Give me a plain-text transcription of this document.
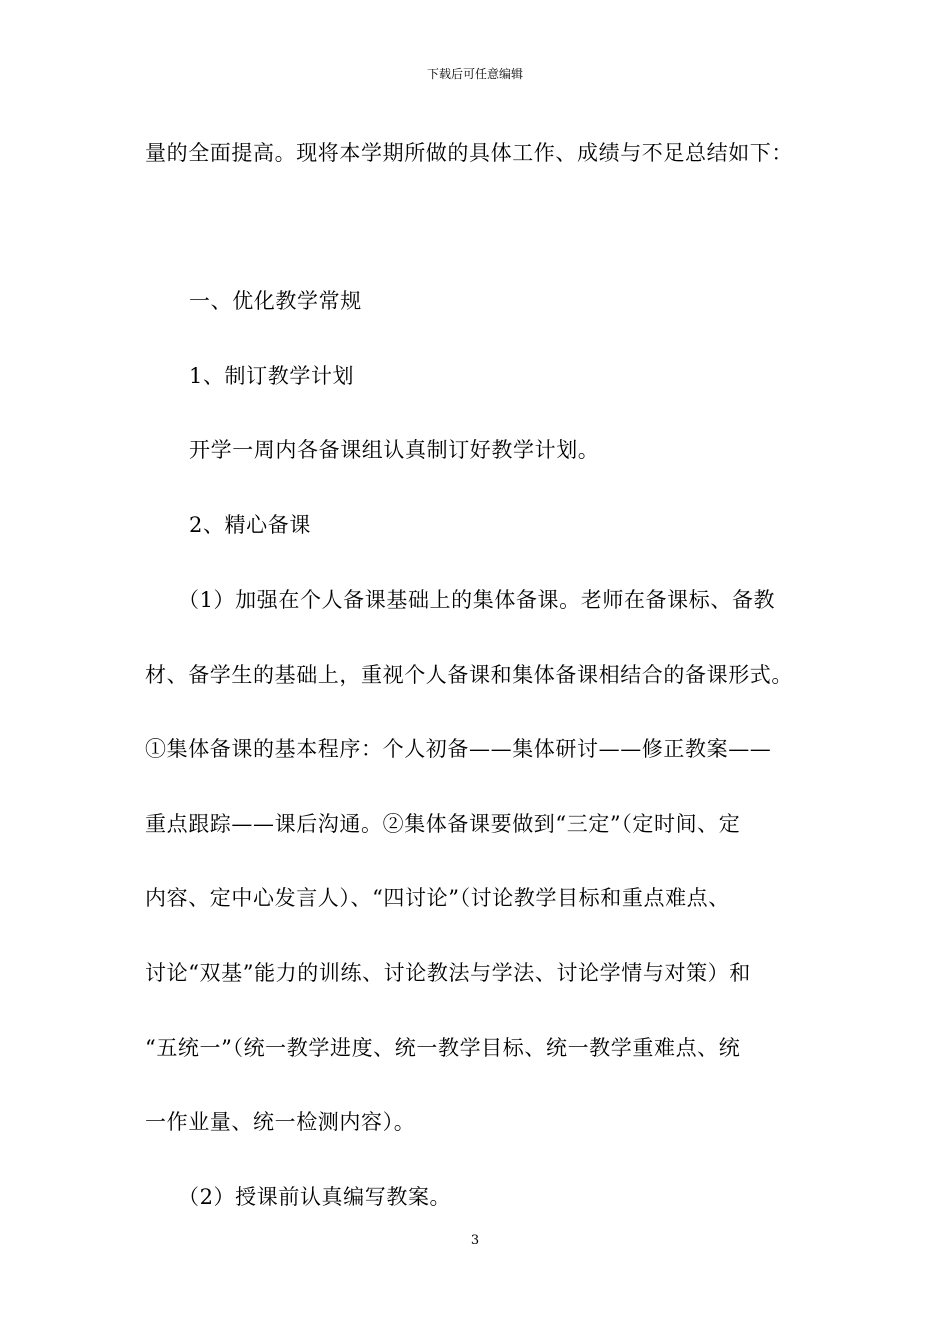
下载后可任意编辑
量的全面提高。现将本学期所做的具体工作、成绩与不足总结如下：
一、优化教学常规
1、制订教学计划
开学一周内各备课组认真制订好教学计划。
2、精心备课
（1）加强在个人备课基础上的集体备课。老师在备课标、备教
材、备学生的基础上，重视个人备课和集体备课相结合的备课形式。
①集体备课的基本程序：个人初备——集体研讨——修正教案——
重点跟踪——课后沟通。②集体备课要做到“三定”（定时间、定
内容、定中心发言人）、“四讨论”（讨论教学目标和重点难点、
讨论“双基”能力的训练、讨论教法与学法、讨论学情与对策）和
“五统一”（统一教学进度、统一教学目标、统一教学重难点、统
一作业量、统一检测内容）。
（2）授课前认真编写教案。
3
